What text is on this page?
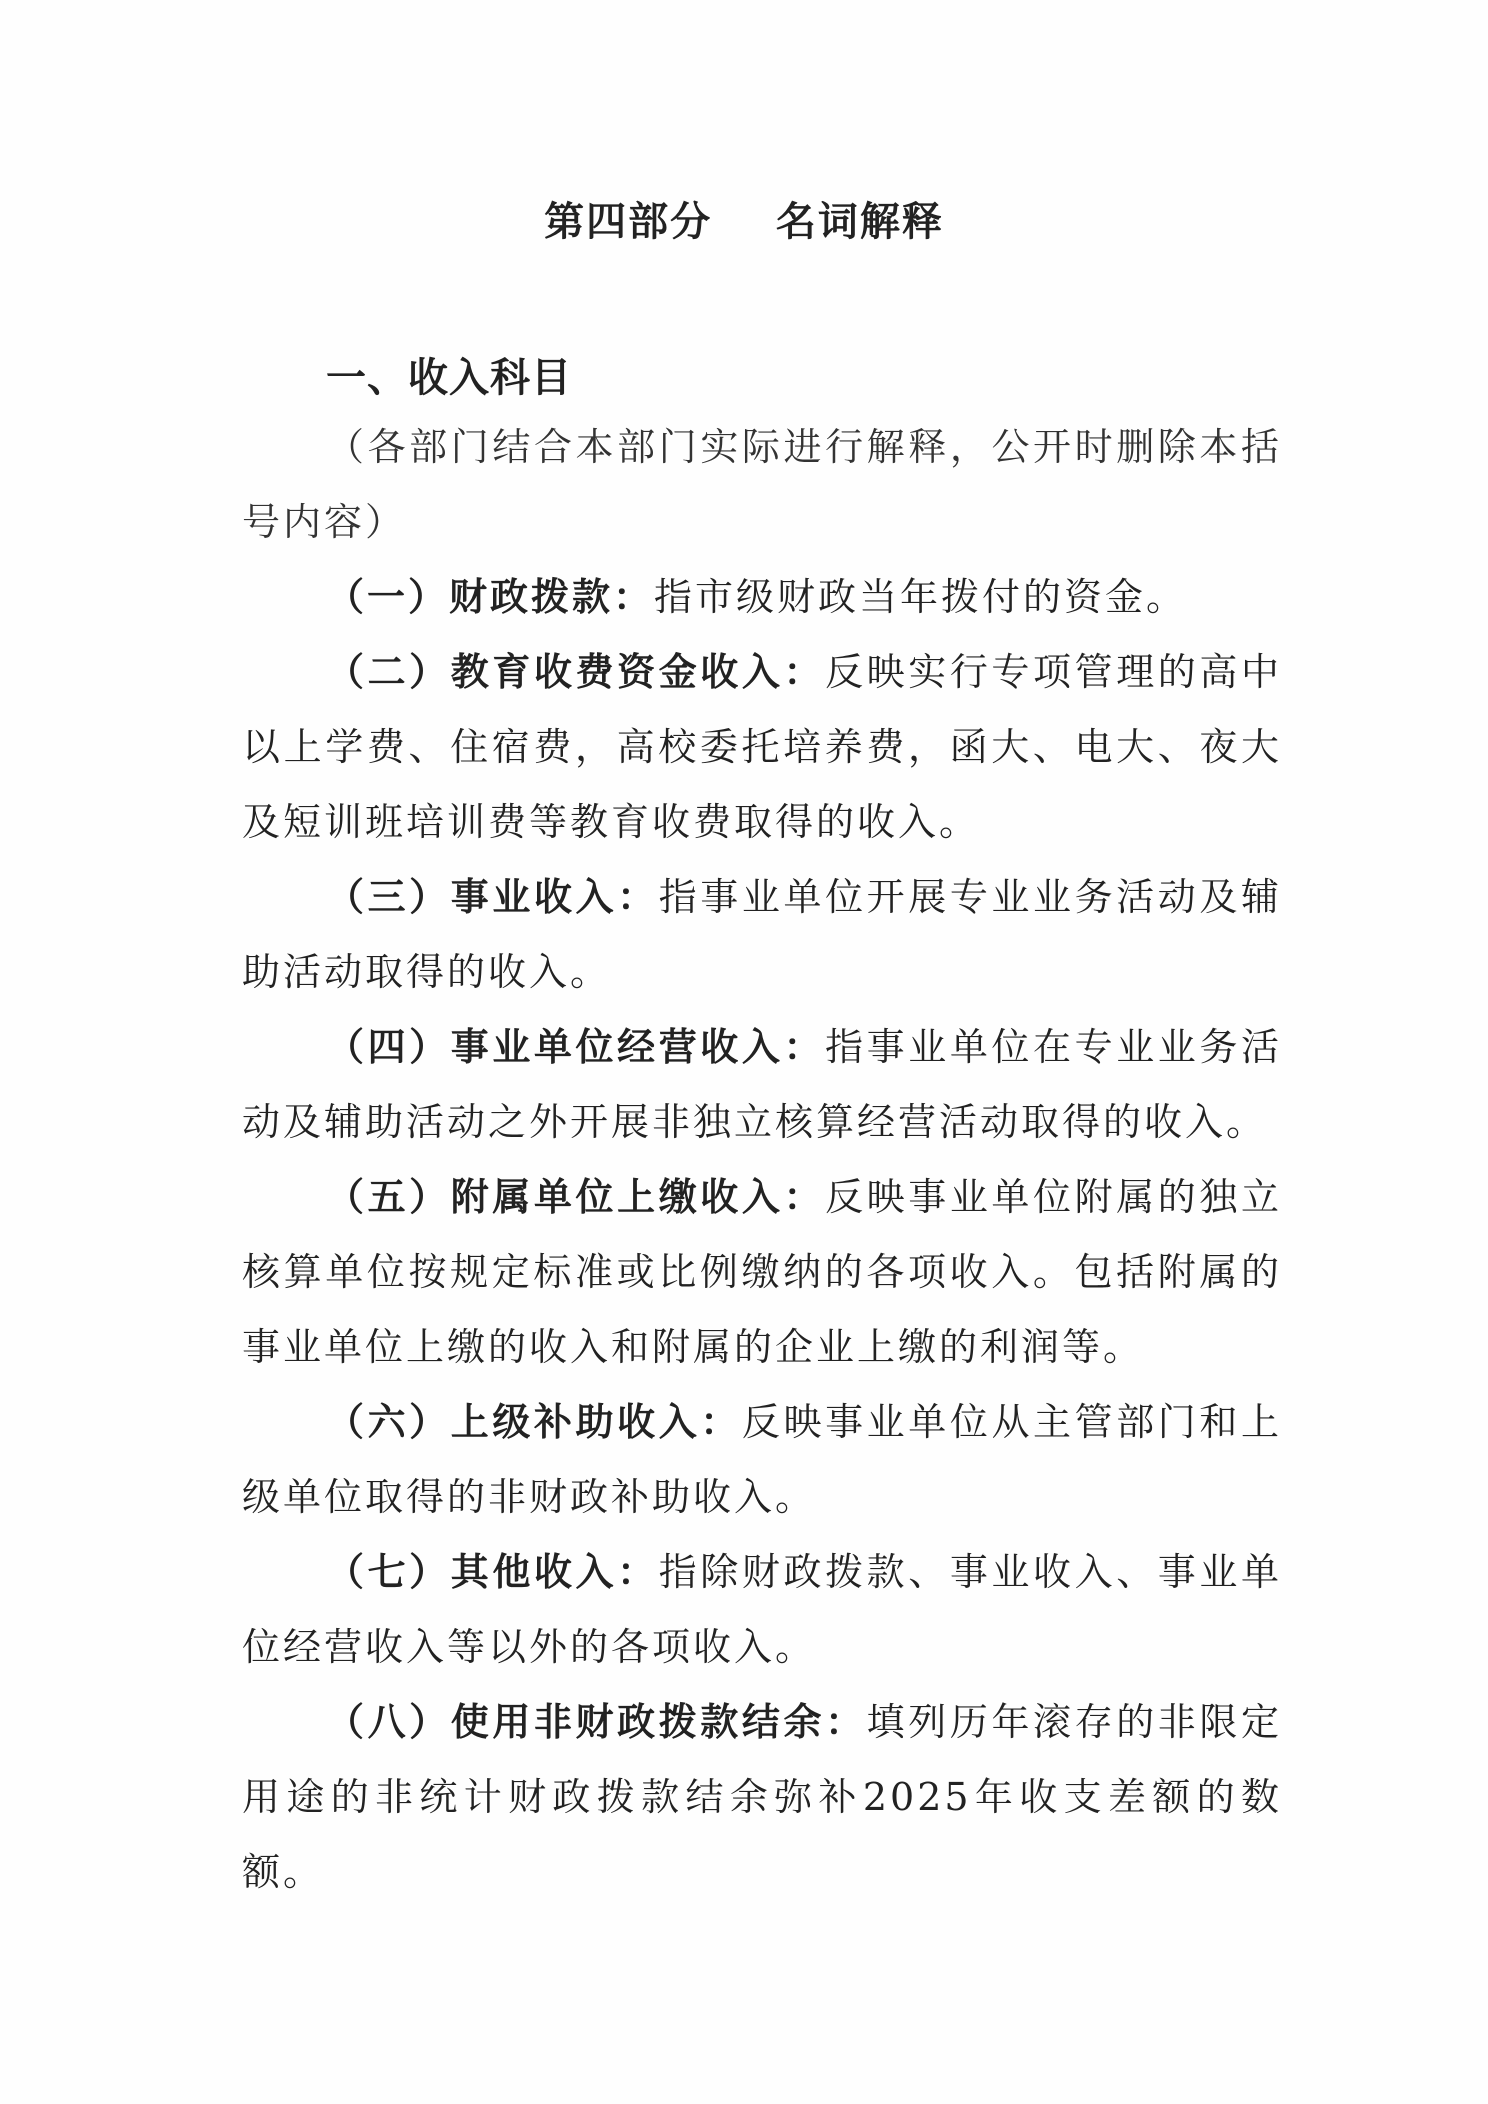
第四部分    名词解释
一、收入科目

（各部门结合本部门实际进行解释，公开时删除本括号内容）

（一）财政拨款：指市级财政当年拨付的资金。

（二）教育收费资金收入：反映实行专项管理的高中以上学费、住宿费，高校委托培养费，函大、电大、夜大及短训班培训费等教育收费取得的收入。

（三）事业收入：指事业单位开展专业业务活动及辅助活动取得的收入。

（四）事业单位经营收入：指事业单位在专业业务活动及辅助活动之外开展非独立核算经营活动取得的收入。

（五）附属单位上缴收入：反映事业单位附属的独立核算单位按规定标准或比例缴纳的各项收入。包括附属的事业单位上缴的收入和附属的企业上缴的利润等。

（六）上级补助收入：反映事业单位从主管部门和上级单位取得的非财政补助收入。

（七）其他收入：指除财政拨款、事业收入、事业单位经营收入等以外的各项收入。

（八）使用非财政拨款结余：填列历年滚存的非限定用途的非统计财政拨款结余弥补2025年收支差额的数额。
